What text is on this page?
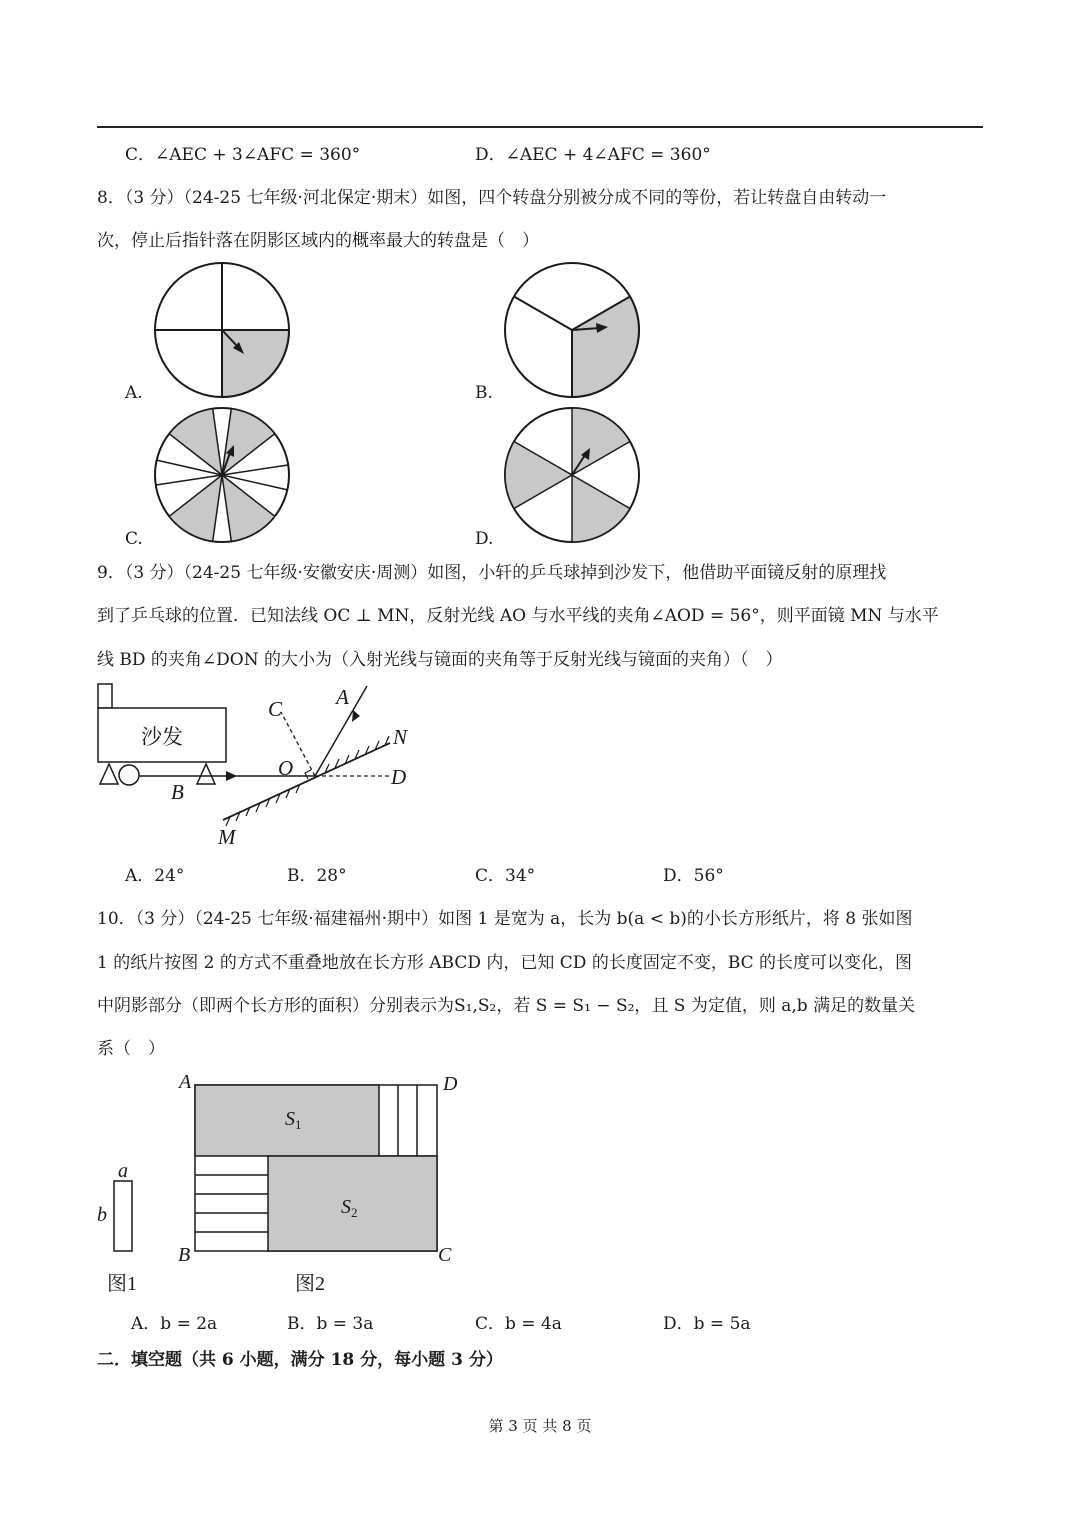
C．∠AEC + 3∠AFC = 360°	D．∠AEC + 4∠AFC = 360°
8．（3 分）（24-25 七年级·河北保定·期末）如图，四个转盘分别被分成不同的等份，若让转盘自由转动一
次，停止后指针落在阴影区域内的概率最大的转盘是（　）
A.	B.
C.	D.
9．（3 分）（24-25 七年级·安徽安庆·周测）如图，小轩的乒乓球掉到沙发下，他借助平面镜反射的原理找
到了乒乓球的位置．已知法线 OC ⊥ MN，反射光线 AO 与水平线的夹角∠AOD = 56°，则平面镜 MN 与水平
线 BD 的夹角∠DON 的大小为（入射光线与镜面的夹角等于反射光线与镜面的夹角）（　）
沙发
A
C
N
O	D
B
M
A．24°	B．28°	C．34°	D．56°
10．（3 分）（24-25 七年级·福建福州·期中）如图 1 是宽为 a，长为 b(a < b)的小长方形纸片，将 8 张如图
1 的纸片按图 2 的方式不重叠地放在长方形 ABCD 内，已知 CD 的长度固定不变，BC 的长度可以变化，图
中阴影部分（即两个长方形的面积）分别表示为S₁,S₂，若 S = S₁ − S₂，且 S 为定值，则 a,b 满足的数量关
系（　）
a
b
图1
A	D
B	C
$S_1$
$S_2$
图2
A．b = 2a	B．b = 3a	C．b = 4a	D．b = 5a
二．填空题（共 6 小题，满分 18 分，每小题 3 分）
第 3 页 共 8 页
